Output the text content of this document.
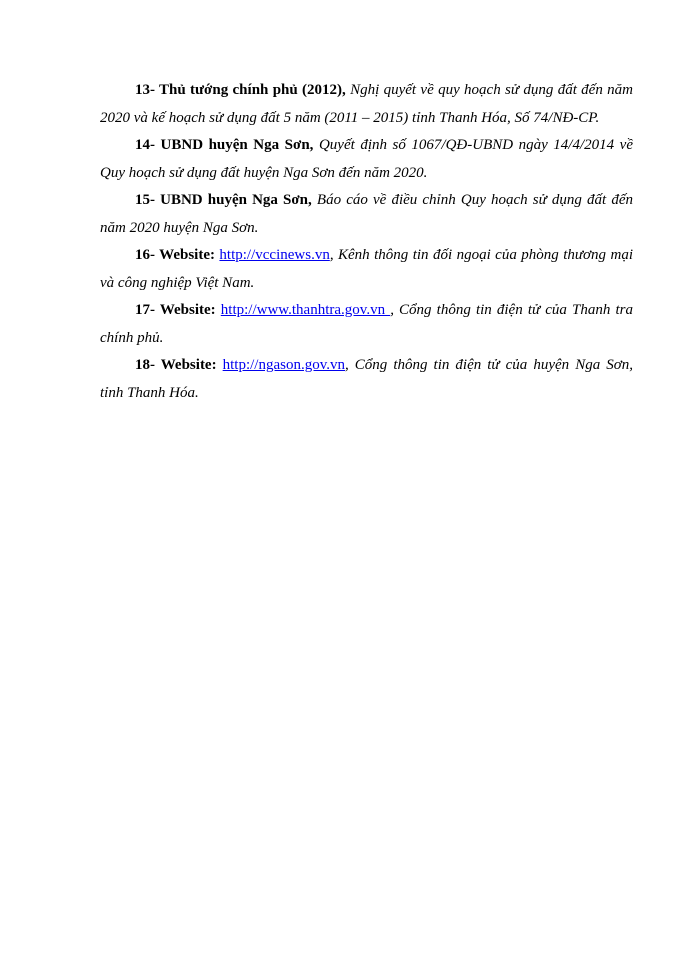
13- Thủ tướng chính phủ (2012), Nghị quyết về quy hoạch sử dụng đất đến năm 2020 và kế hoạch sử dụng đất 5 năm (2011 – 2015) tỉnh Thanh Hóa, Số 74/NĐ-CP.

14- UBND huyện Nga Sơn, Quyết định số 1067/QĐ-UBND ngày 14/4/2014 về Quy hoạch sử dụng đất huyện Nga Sơn đến năm 2020.

15- UBND huyện Nga Sơn, Báo cáo về điều chỉnh Quy hoạch sử dụng đất đến năm 2020 huyện Nga Sơn.

16- Website: http://vccinews.vn, Kênh thông tin đối ngoại của phòng thương mại và công nghiệp Việt Nam.

17- Website: http://www.thanhtra.gov.vn , Cổng thông tin điện tử của Thanh tra chính phủ.

18- Website: http://ngason.gov.vn, Cổng thông tin điện tử của huyện Nga Sơn, tỉnh Thanh Hóa.
